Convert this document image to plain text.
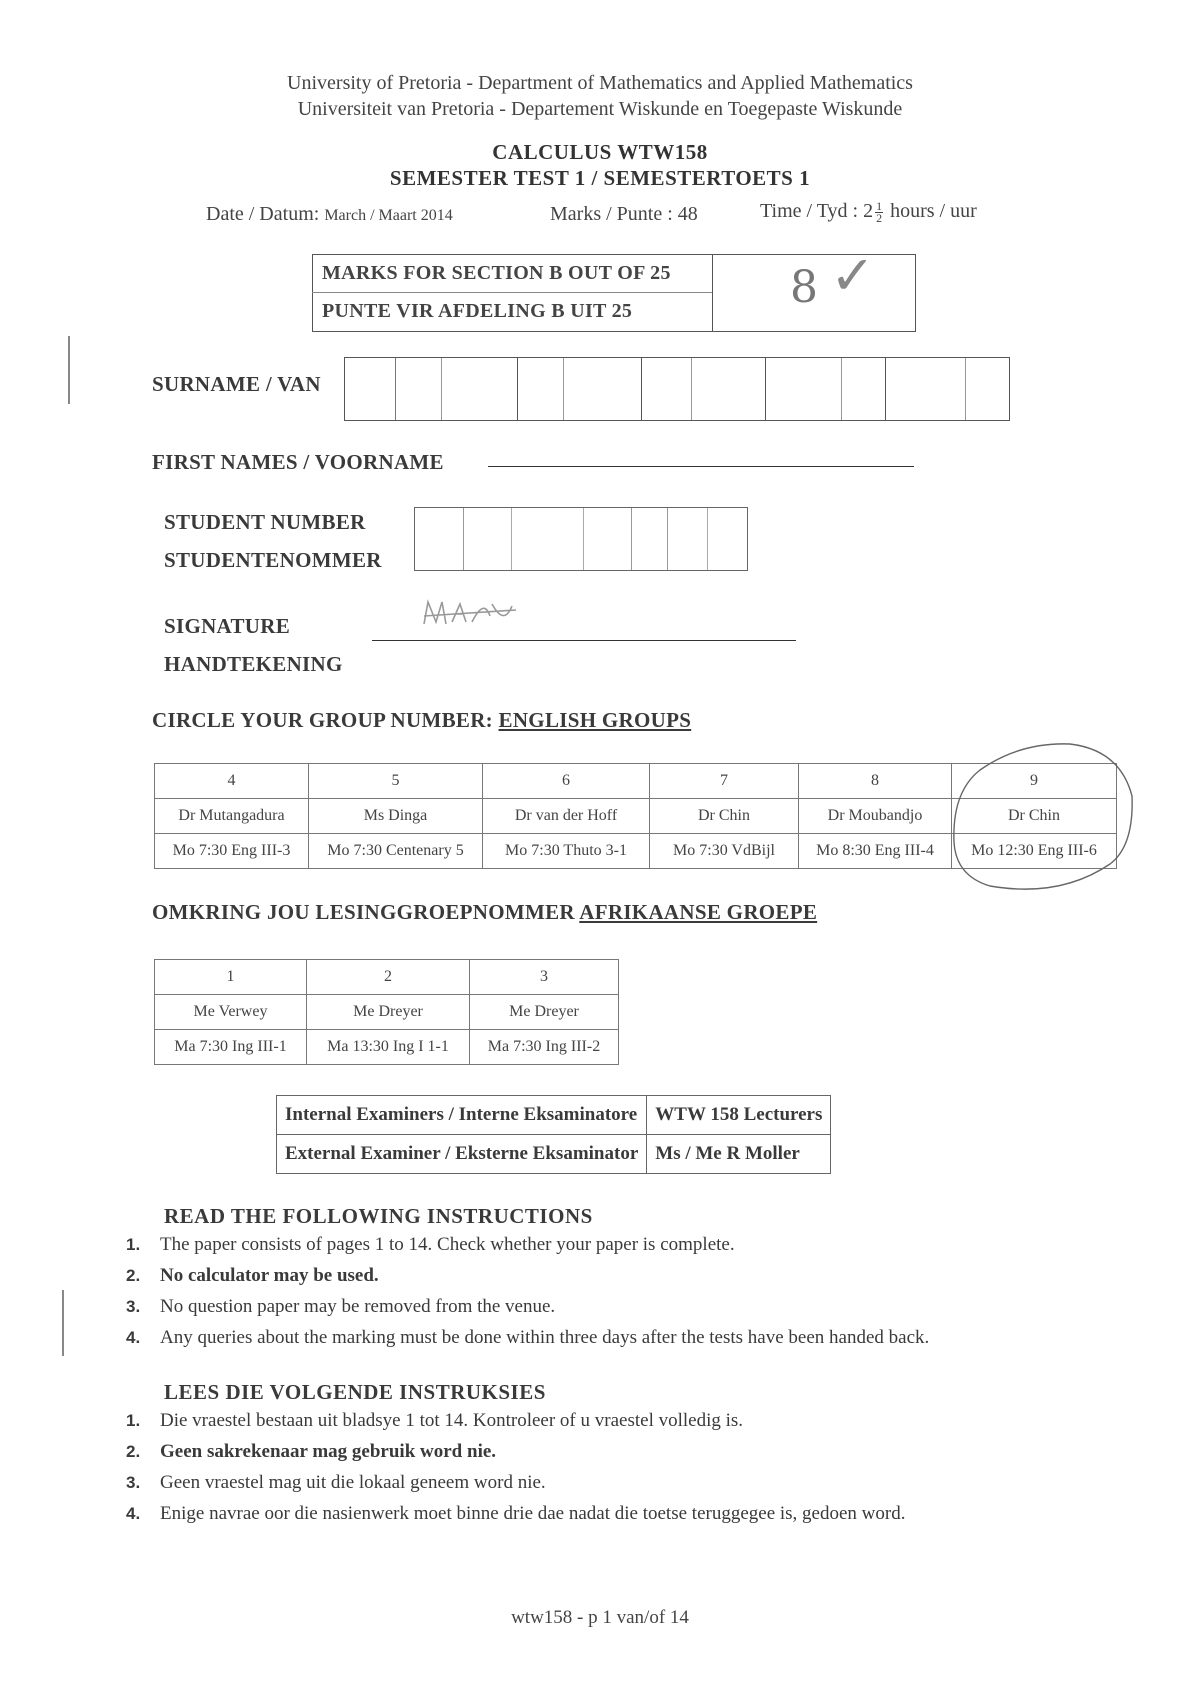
University of Pretoria - Department of Mathematics and Applied Mathematics
Universiteit van Pretoria - Departement Wiskunde en Toegepaste Wiskunde
CALCULUS WTW158
SEMESTER TEST 1 / SEMESTERTOETS 1
Date / Datum: March / Maart 2014	Marks / Punte : 48	Time / Tyd : $2 \frac{1}{2}$ hours / uur
MARKS FOR SECTION B OUT OF 25
PUNTE VIR AFDELING B UIT 25	8 ✓
SURNAME / VAN
FIRST NAMES / VOORNAME
STUDENT NUMBER
STUDENTENOMMER
SIGNATURE
HANDTEKENING
CIRCLE YOUR GROUP NUMBER: ENGLISH GROUPS
4	5	6	7	8	9
Dr Mutangadura	Ms Dinga	Dr van der Hoff	Dr Chin	Dr Moubandjo	Dr Chin
Mo 7:30 Eng III-3	Mo 7:30 Centenary 5	Mo 7:30 Thuto 3-1	Mo 7:30 VdBijl	Mo 8:30 Eng III-4	Mo 12:30 Eng III-6
OMKRING JOU LESINGGROEPNOMMER AFRIKAANSE GROEPE
1	2	3
Me Verwey	Me Dreyer	Me Dreyer
Ma 7:30 Ing III-1	Ma 13:30 Ing I 1-1	Ma 7:30 Ing III-2
Internal Examiners / Interne Eksaminatore	WTW 158 Lecturers
External Examiner / Eksterne Eksaminator	Ms / Me R Moller
READ THE FOLLOWING INSTRUCTIONS
1. The paper consists of pages 1 to 14. Check whether your paper is complete.
2. No calculator may be used.
3. No question paper may be removed from the venue.
4. Any queries about the marking must be done within three days after the tests have been handed back.
LEES DIE VOLGENDE INSTRUKSIES
1. Die vraestel bestaan uit bladsye 1 tot 14. Kontroleer of u vraestel volledig is.
2. Geen sakrekenaar mag gebruik word nie.
3. Geen vraestel mag uit die lokaal geneem word nie.
4. Enige navrae oor die nasienwerk moet binne drie dae nadat die toetse teruggegee is, gedoen word.
wtw158 - p 1 van/of 14
